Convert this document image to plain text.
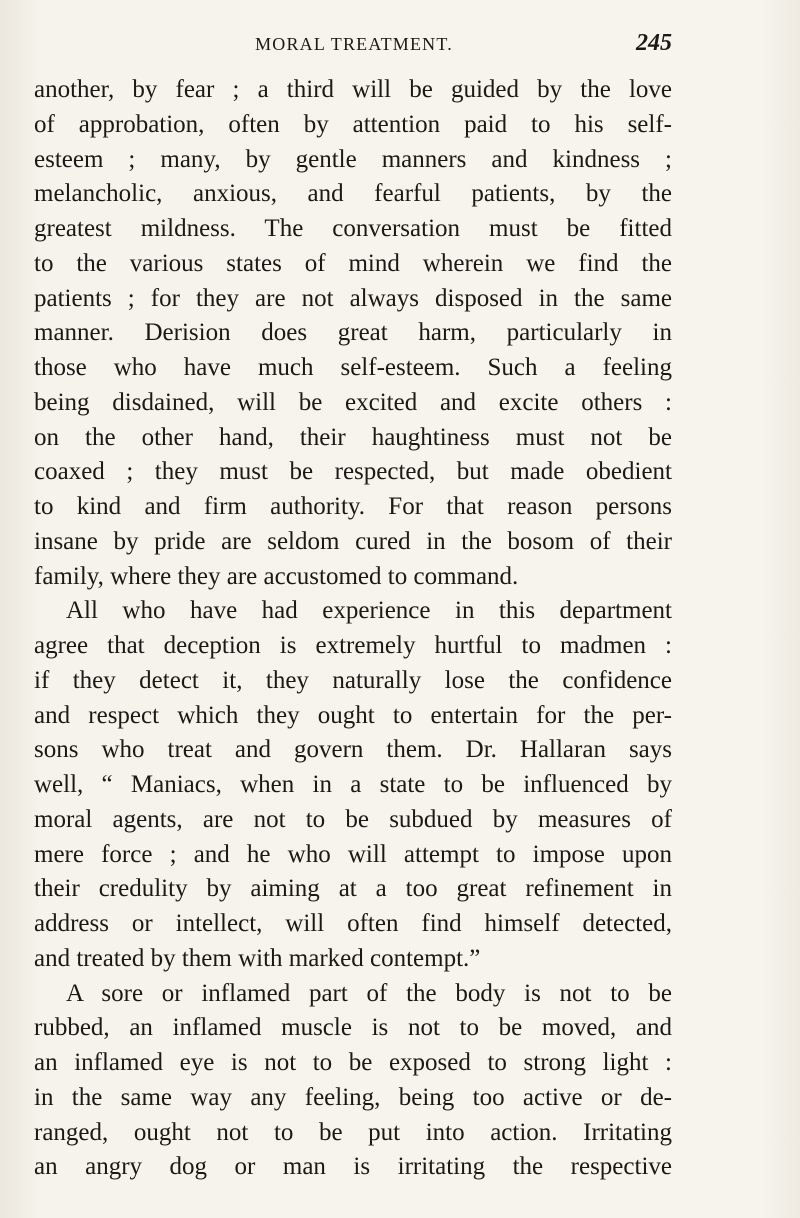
MORAL TREATMENT.	245
another, by fear ; a third will be guided by the love
of approbation, often by attention paid to his self-
esteem ; many, by gentle manners and kindness ;
melancholic, anxious, and fearful patients, by the
greatest mildness. The conversation must be fitted
to the various states of mind wherein we find the
patients ; for they are not always disposed in the same
manner. Derision does great harm, particularly in
those who have much self-esteem. Such a feeling
being disdained, will be excited and excite others :
on the other hand, their haughtiness must not be
coaxed ; they must be respected, but made obedient
to kind and firm authority. For that reason persons
insane by pride are seldom cured in the bosom of their
family, where they are accustomed to command.
All who have had experience in this department
agree that deception is extremely hurtful to madmen :
if they detect it, they naturally lose the confidence
and respect which they ought to entertain for the per-
sons who treat and govern them. Dr. Hallaran says
well, “ Maniacs, when in a state to be influenced by
moral agents, are not to be subdued by measures of
mere force ; and he who will attempt to impose upon
their credulity by aiming at a too great refinement in
address or intellect, will often find himself detected,
and treated by them with marked contempt.”
A sore or inflamed part of the body is not to be
rubbed, an inflamed muscle is not to be moved, and
an inflamed eye is not to be exposed to strong light :
in the same way any feeling, being too active or de-
ranged, ought not to be put into action. Irritating
an angry dog or man is irritating the respective
